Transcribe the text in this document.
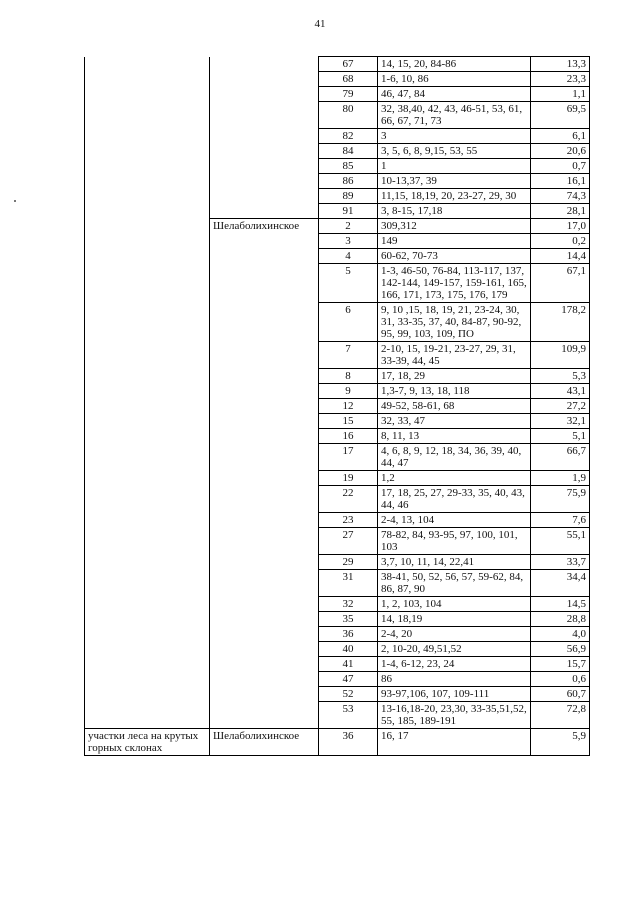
41
		67	14, 15, 20, 84-86	13,3
		68	1-6, 10, 86	23,3
		79	46, 47, 84	1,1
		80	32, 38,40, 42, 43, 46-51, 53, 61, 66, 67, 71, 73	69,5
		82	3	6,1
		84	3, 5, 6, 8, 9,15, 53, 55	20,6
		85	1	0,7
		86	10-13,37, 39	16,1
		89	11,15, 18,19, 20, 23-27, 29, 30	74,3
		91	3, 8-15, 17,18	28,1
	Шелаболихинское	2	309,312	17,0
		3	149	0,2
		4	60-62, 70-73	14,4
		5	1-3, 46-50, 76-84, 113-117, 137, 142-144, 149-157, 159-161, 165, 166, 171, 173, 175, 176, 179	67,1
		6	9, 10 ,15, 18, 19, 21, 23-24, 30, 31, 33-35, 37, 40, 84-87, 90-92, 95, 99, 103, 109, ПО	178,2
		7	2-10, 15, 19-21, 23-27, 29, 31, 33-39, 44, 45	109,9
		8	17, 18, 29	5,3
		9	1,3-7, 9, 13, 18, 118	43,1
		12	49-52, 58-61, 68	27,2
		15	32, 33, 47	32,1
		16	8, 11, 13	5,1
		17	4, 6, 8, 9, 12, 18, 34, 36, 39, 40, 44, 47	66,7
		19	1,2	1,9
		22	17, 18, 25, 27, 29-33, 35, 40, 43, 44, 46	75,9
		23	2-4, 13, 104	7,6
		27	78-82, 84, 93-95, 97, 100, 101, 103	55,1
		29	3,7, 10, 11, 14, 22,41	33,7
		31	38-41, 50, 52, 56, 57, 59-62, 84, 86, 87, 90	34,4
		32	1, 2, 103, 104	14,5
		35	14, 18,19	28,8
		36	2-4, 20	4,0
		40	2, 10-20, 49,51,52	56,9
		41	1-4, 6-12, 23, 24	15,7
		47	86	0,6
		52	93-97,106, 107, 109-111	60,7
		53	13-16,18-20, 23,30, 33-35,51,52, 55, 185, 189-191	72,8
участки леса на крутых горных склонах	Шелаболихинское	36	16, 17	5,9
